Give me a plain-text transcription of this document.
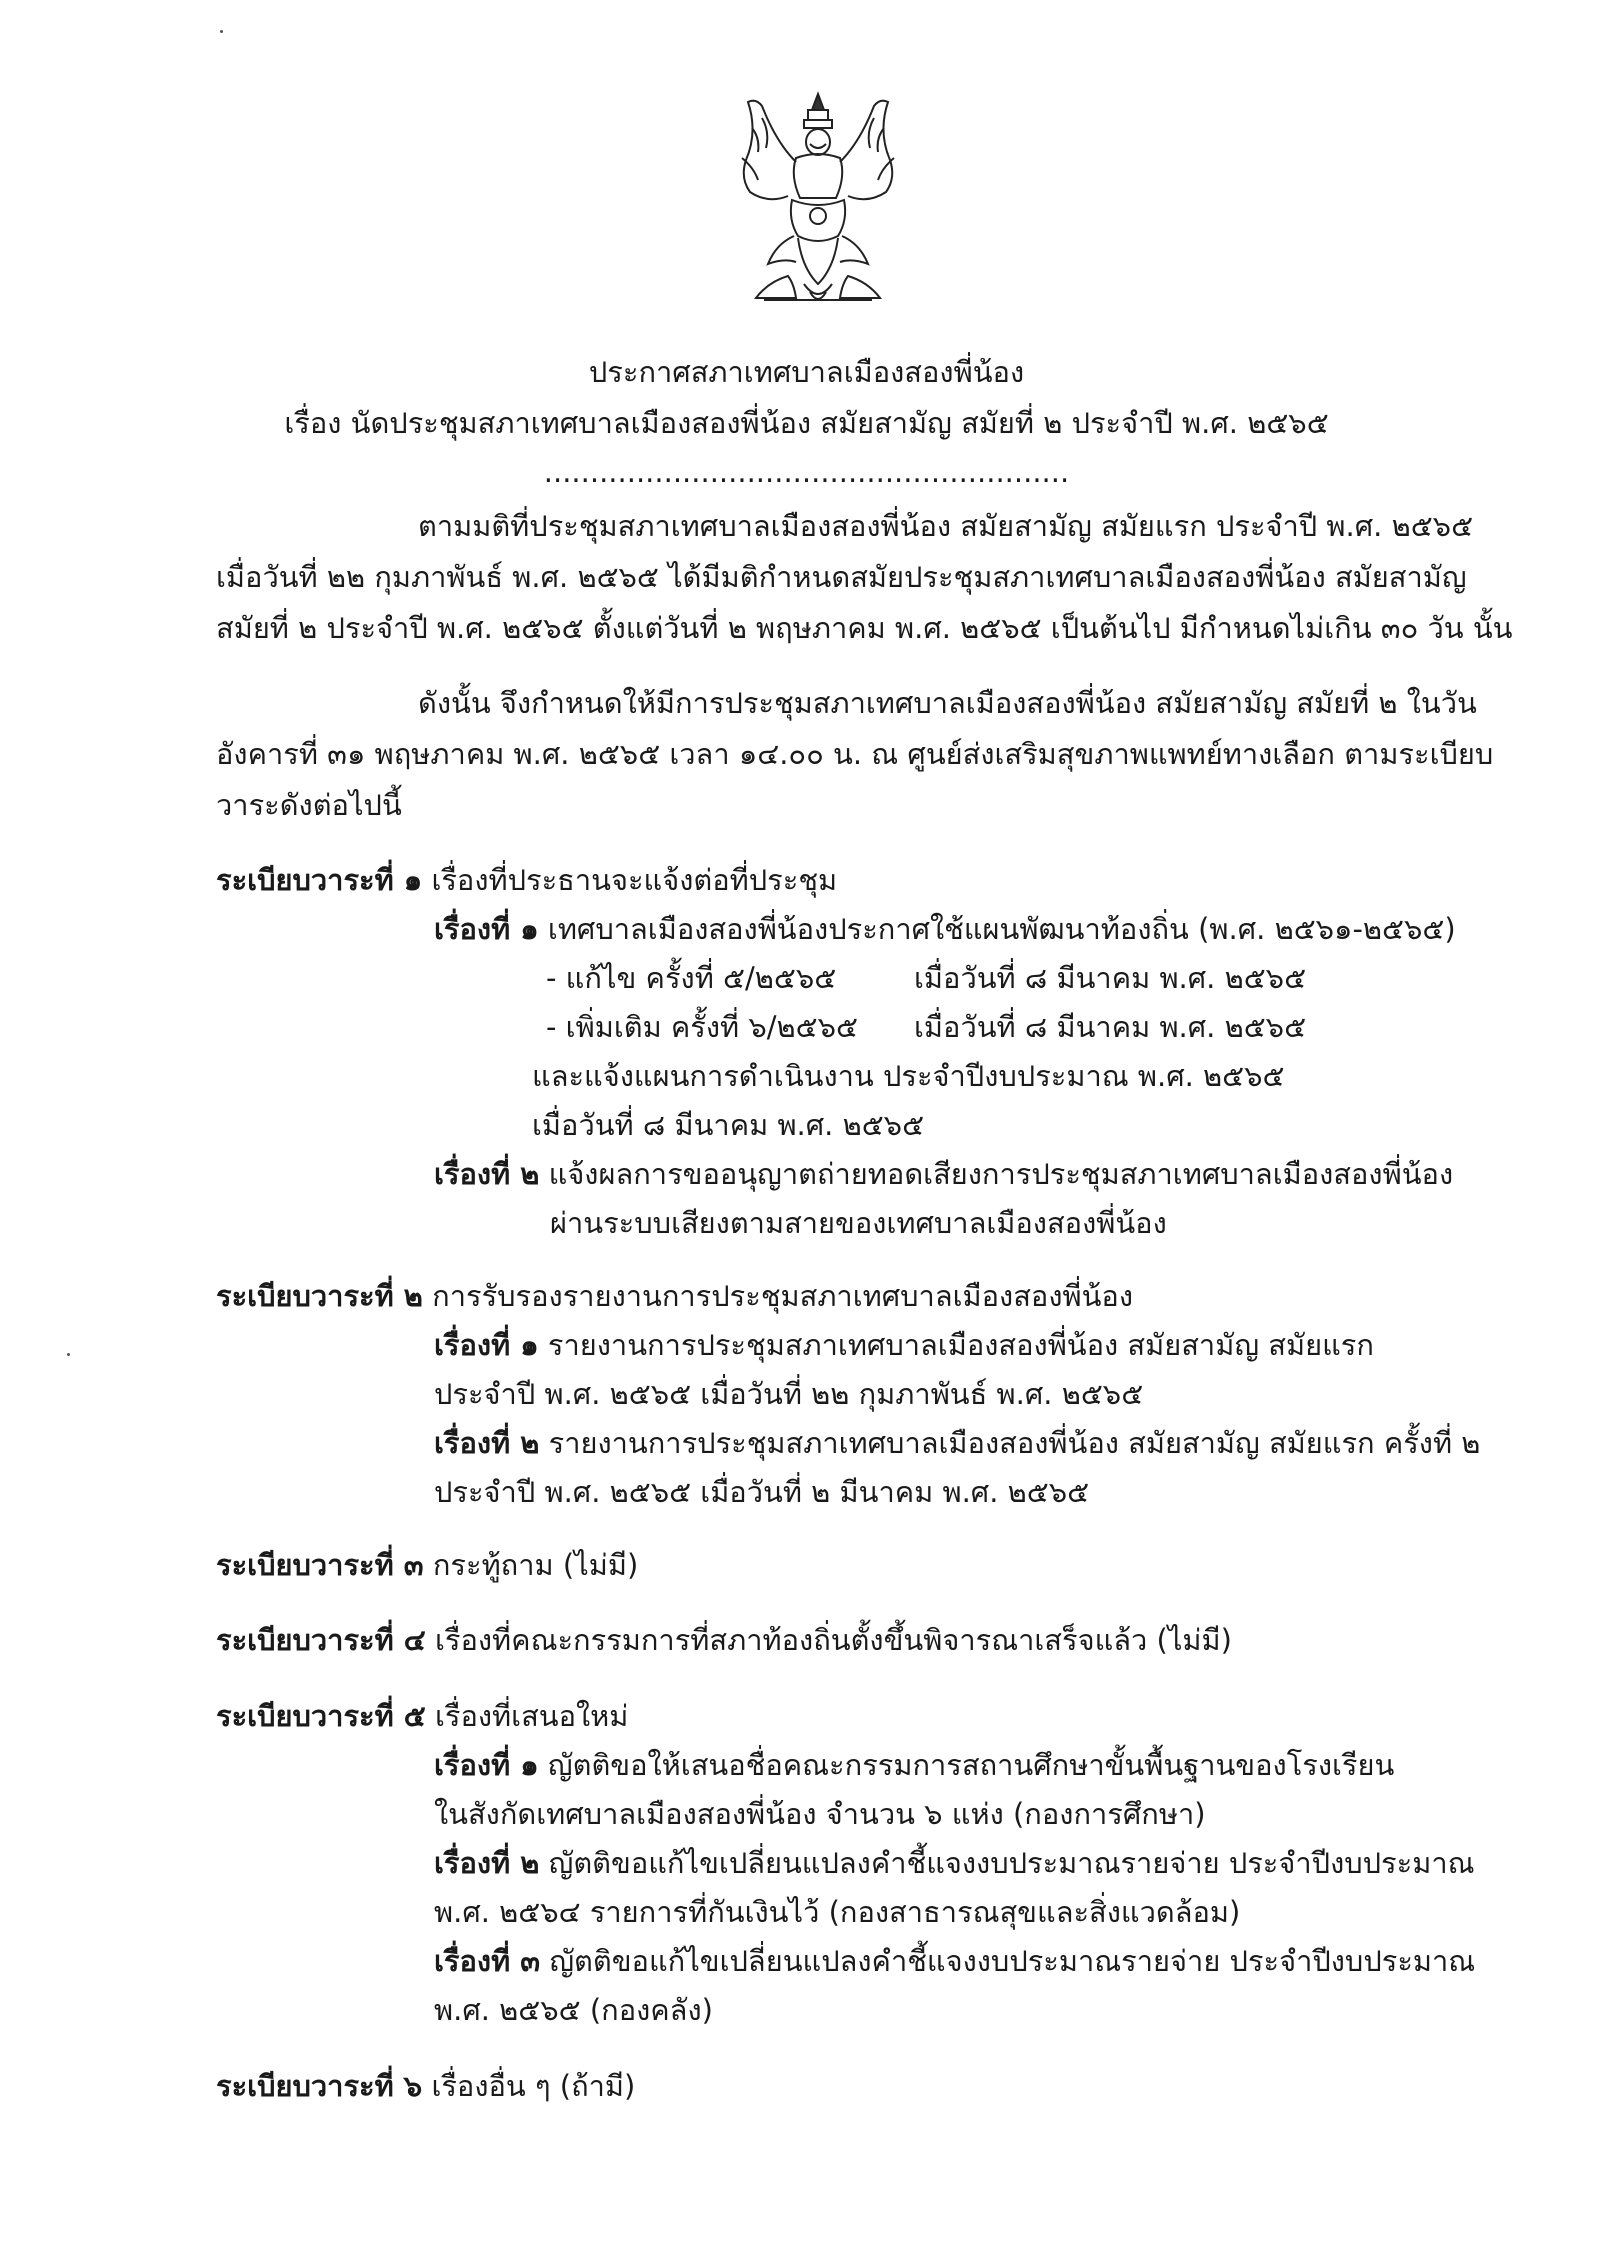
ประกาศสภาเทศบาลเมืองสองพี่น้อง
เรื่อง นัดประชุมสภาเทศบาลเมืองสองพี่น้อง สมัยสามัญ สมัยที่ ๒ ประจำปี พ.ศ. ๒๕๖๕
.........................................................
ตามมติที่ประชุมสภาเทศบาลเมืองสองพี่น้อง สมัยสามัญ สมัยแรก ประจำปี พ.ศ. ๒๕๖๕
เมื่อวันที่ ๒๒ กุมภาพันธ์ พ.ศ. ๒๕๖๕ ได้มีมติกำหนดสมัยประชุมสภาเทศบาลเมืองสองพี่น้อง สมัยสามัญ
สมัยที่ ๒ ประจำปี พ.ศ. ๒๕๖๕ ตั้งแต่วันที่ ๒ พฤษภาคม พ.ศ. ๒๕๖๕ เป็นต้นไป มีกำหนดไม่เกิน ๓๐ วัน นั้น
ดังนั้น จึงกำหนดให้มีการประชุมสภาเทศบาลเมืองสองพี่น้อง สมัยสามัญ สมัยที่ ๒ ในวัน
อังคารที่ ๓๑ พฤษภาคม พ.ศ. ๒๕๖๕ เวลา ๑๔.๐๐ น. ณ ศูนย์ส่งเสริมสุขภาพแพทย์ทางเลือก ตามระเบียบ
วาระดังต่อไปนี้
ระเบียบวาระที่ ๑ เรื่องที่ประธานจะแจ้งต่อที่ประชุม
เรื่องที่ ๑ เทศบาลเมืองสองพี่น้องประกาศใช้แผนพัฒนาท้องถิ่น (พ.ศ. ๒๕๖๑-๒๕๖๕)
- แก้ไข ครั้งที่ ๕/๒๕๖๕	เมื่อวันที่ ๘ มีนาคม พ.ศ. ๒๕๖๕
- เพิ่มเติม ครั้งที่ ๖/๒๕๖๕ เมื่อวันที่ ๘ มีนาคม พ.ศ. ๒๕๖๕
และแจ้งแผนการดำเนินงาน ประจำปีงบประมาณ พ.ศ. ๒๕๖๕
เมื่อวันที่ ๘ มีนาคม พ.ศ. ๒๕๖๕
เรื่องที่ ๒ แจ้งผลการขออนุญาตถ่ายทอดเสียงการประชุมสภาเทศบาลเมืองสองพี่น้อง
ผ่านระบบเสียงตามสายของเทศบาลเมืองสองพี่น้อง
ระเบียบวาระที่ ๒ การรับรองรายงานการประชุมสภาเทศบาลเมืองสองพี่น้อง
เรื่องที่ ๑ รายงานการประชุมสภาเทศบาลเมืองสองพี่น้อง สมัยสามัญ สมัยแรก
ประจำปี พ.ศ. ๒๕๖๕ เมื่อวันที่ ๒๒ กุมภาพันธ์ พ.ศ. ๒๕๖๕
เรื่องที่ ๒ รายงานการประชุมสภาเทศบาลเมืองสองพี่น้อง สมัยสามัญ สมัยแรก ครั้งที่ ๒
ประจำปี พ.ศ. ๒๕๖๕ เมื่อวันที่ ๒ มีนาคม พ.ศ. ๒๕๖๕
ระเบียบวาระที่ ๓ กระทู้ถาม (ไม่มี)
ระเบียบวาระที่ ๔ เรื่องที่คณะกรรมการที่สภาท้องถิ่นตั้งขึ้นพิจารณาเสร็จแล้ว (ไม่มี)
ระเบียบวาระที่ ๕ เรื่องที่เสนอใหม่
เรื่องที่ ๑ ญัตติขอให้เสนอชื่อคณะกรรมการสถานศึกษาขั้นพื้นฐานของโรงเรียน
ในสังกัดเทศบาลเมืองสองพี่น้อง จำนวน ๖ แห่ง (กองการศึกษา)
เรื่องที่ ๒ ญัตติขอแก้ไขเปลี่ยนแปลงคำชี้แจงงบประมาณรายจ่าย ประจำปีงบประมาณ
พ.ศ. ๒๕๖๔ รายการที่กันเงินไว้ (กองสาธารณสุขและสิ่งแวดล้อม)
เรื่องที่ ๓ ญัตติขอแก้ไขเปลี่ยนแปลงคำชี้แจงงบประมาณรายจ่าย ประจำปีงบประมาณ
พ.ศ. ๒๕๖๕ (กองคลัง)
ระเบียบวาระที่ ๖ เรื่องอื่น ๆ (ถ้ามี)
